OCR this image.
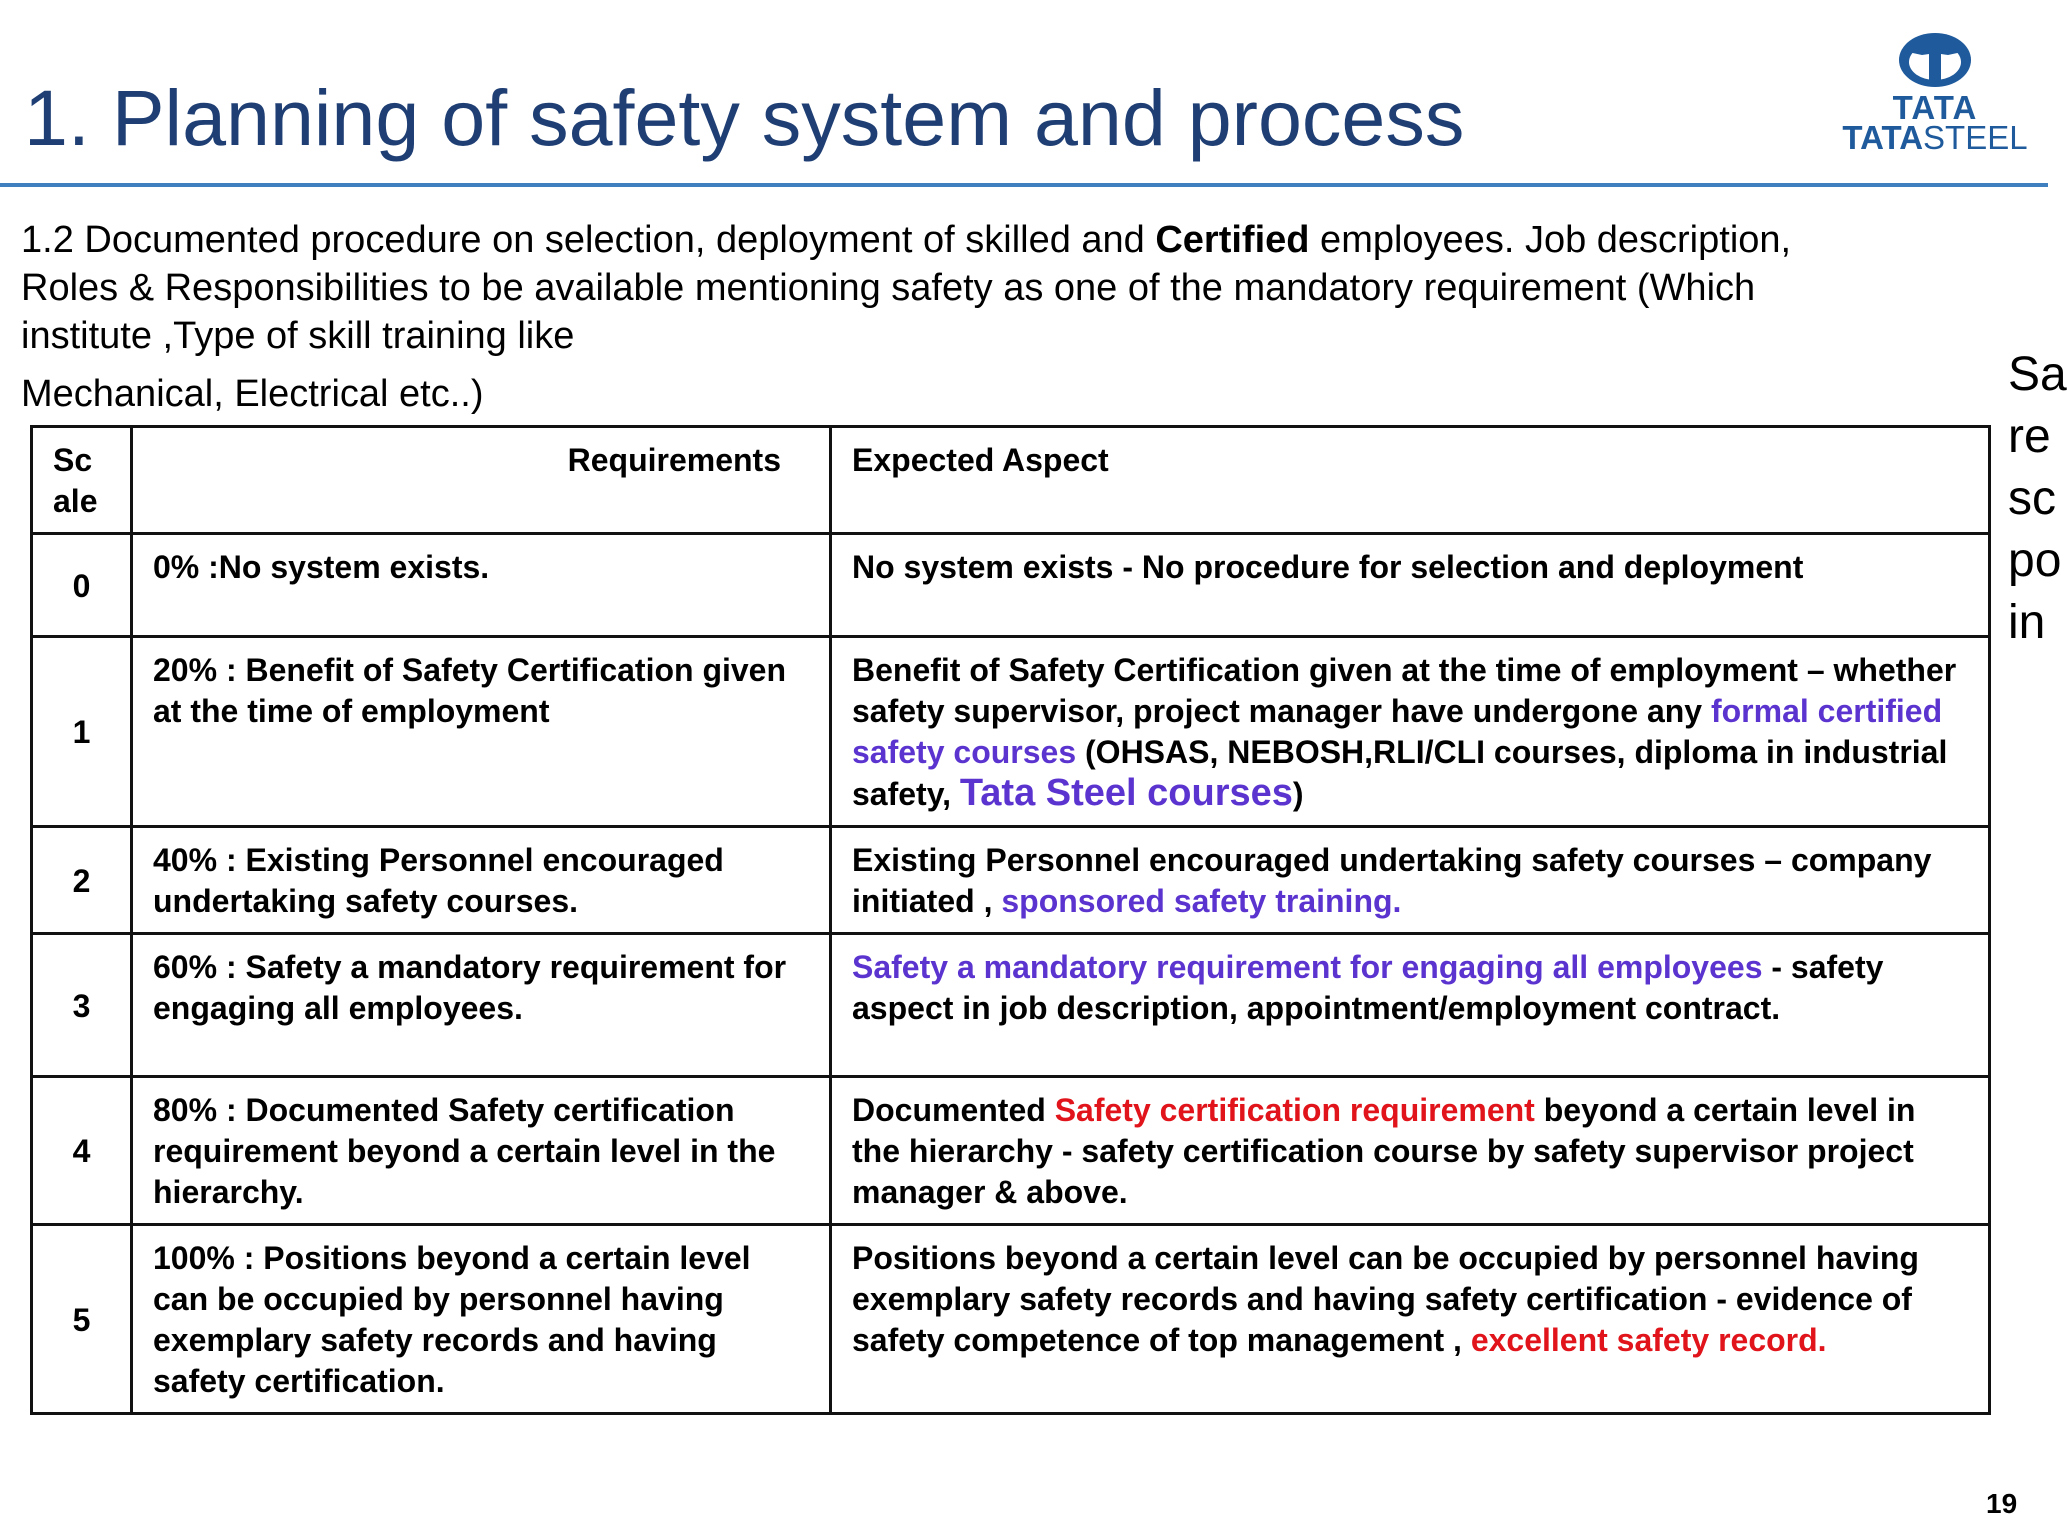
1. Planning of safety system and process	TATA
TATASTEEL
1.2 Documented procedure on selection, deployment of skilled and Certified employees. Job description,
Roles & Responsibilities to be available mentioning safety as one of the mandatory requirement (Which
institute ,Type of skill training like
Mechanical, Electrical etc..)	Sa
re
sc
po
in
Sc ale	Requirements	Expected Aspect
0	0% :No system exists.	No system exists - No procedure for selection and deployment
1	20% : Benefit of Safety Certification given at the time of employment	Benefit of Safety Certification given at the time of employment – whether safety supervisor, project manager have undergone any formal certified safety courses (OHSAS, NEBOSH,RLI/CLI courses, diploma in industrial safety, Tata Steel courses)
2	40% : Existing Personnel encouraged undertaking safety courses.	Existing Personnel encouraged undertaking safety courses – company initiated , sponsored safety training.
3	60% : Safety a mandatory requirement for engaging all employees.	Safety a mandatory requirement for engaging all employees - safety aspect in job description, appointment/employment contract.
4	80% : Documented Safety certification requirement beyond a certain level in the hierarchy.	Documented Safety certification requirement beyond a certain level in the hierarchy - safety certification course by safety supervisor project manager & above.
5	100% : Positions beyond a certain level can be occupied by personnel having exemplary safety records and having safety certification.	Positions beyond a certain level can be occupied by personnel having exemplary safety records and having safety certification - evidence of safety competence of top management , excellent safety record.
19
